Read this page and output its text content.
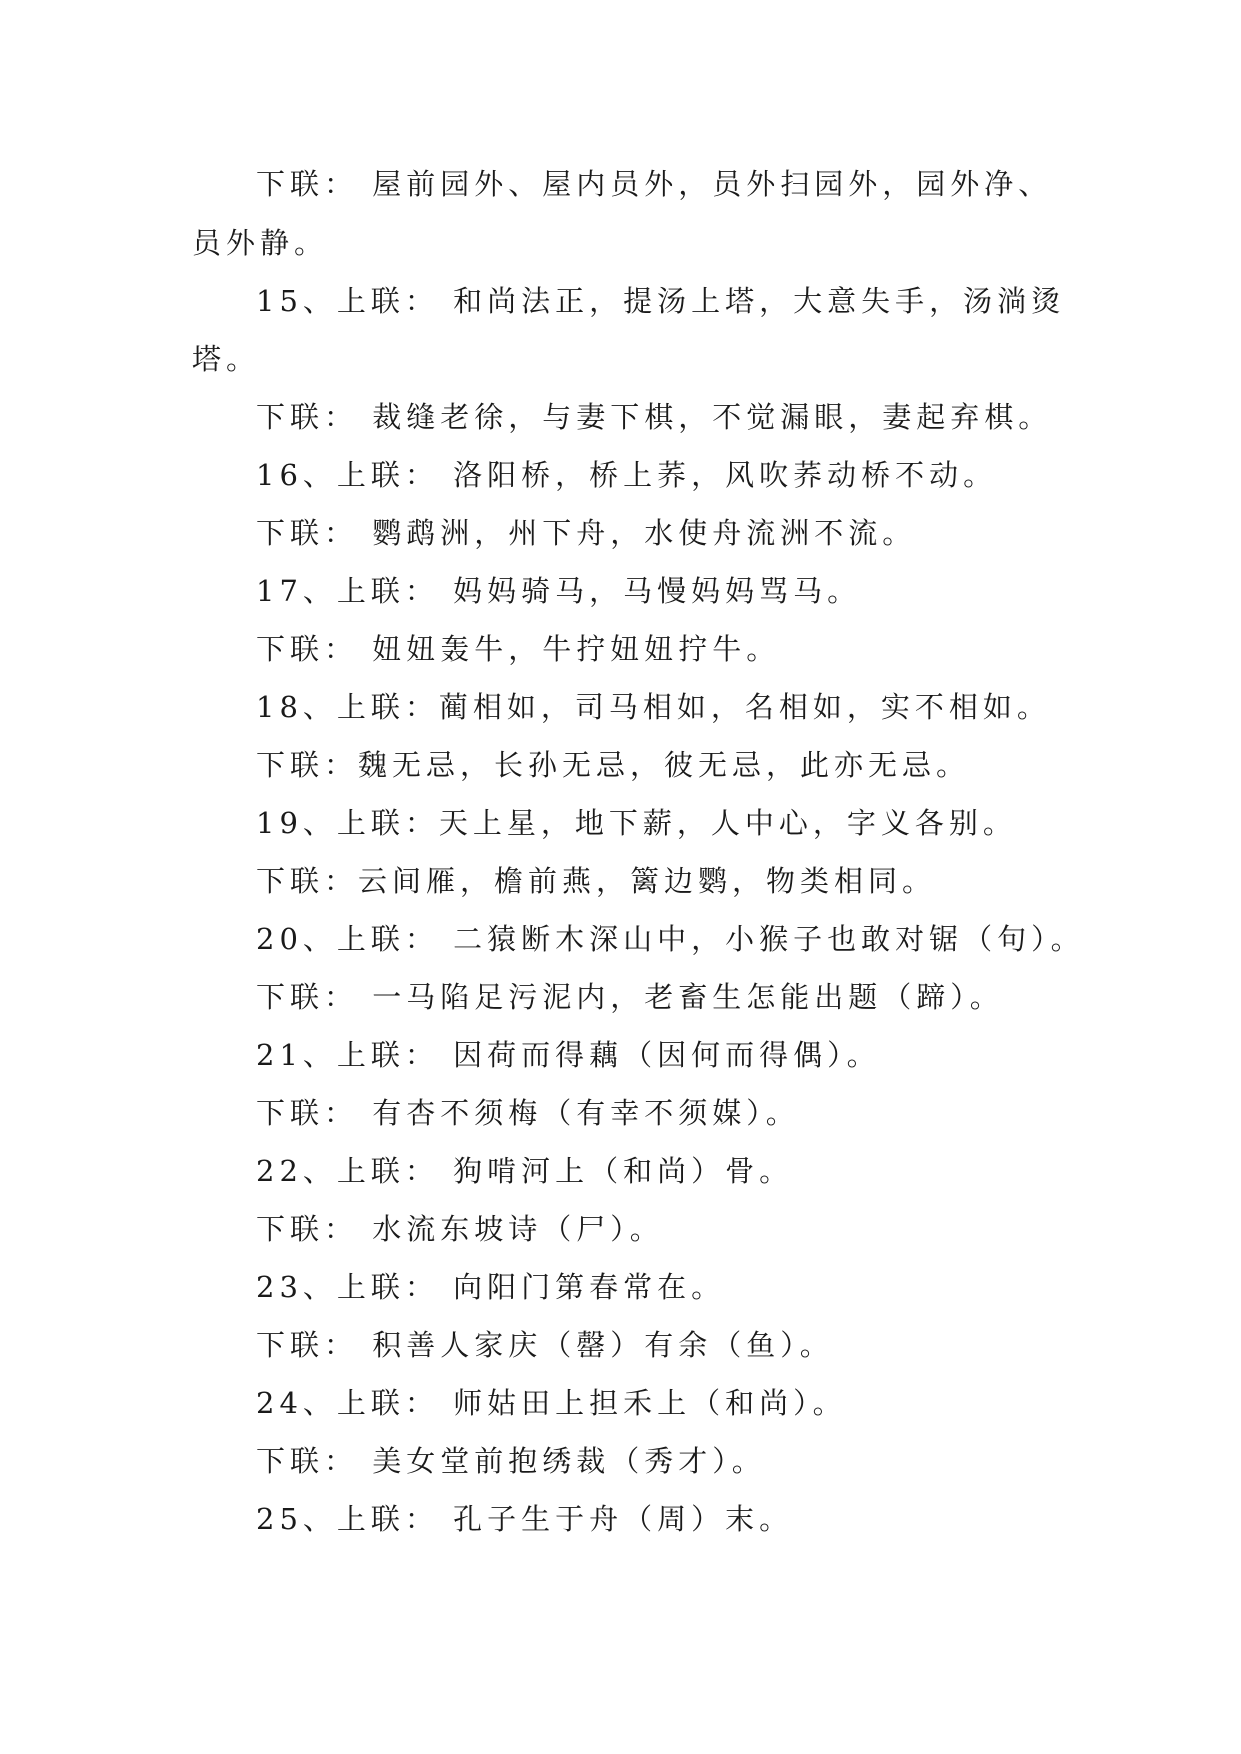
下联： 屋前园外、屋内员外，员外扫园外，园外净、
员外静。
15、上联： 和尚法正，提汤上塔，大意失手，汤淌烫
塔。
下联： 裁缝老徐，与妻下棋，不觉漏眼，妻起弃棋。
16、上联： 洛阳桥，桥上荞，风吹荞动桥不动。
下联： 鹦鹉洲，州下舟，水使舟流洲不流。
17、上联： 妈妈骑马，马慢妈妈骂马。
下联： 妞妞轰牛，牛拧妞妞拧牛。
18、上联：蔺相如，司马相如，名相如，实不相如。
下联：魏无忌，长孙无忌，彼无忌，此亦无忌。
19、上联：天上星，地下薪，人中心，字义各别。
下联：云间雁，檐前燕，篱边鹦，物类相同。
20、上联： 二猿断木深山中，小猴子也敢对锯（句）。
下联： 一马陷足污泥内，老畜生怎能出题（蹄）。
21、上联： 因荷而得藕（因何而得偶）。
下联： 有杏不须梅（有幸不须媒）。
22、上联： 狗啃河上（和尚）骨。
下联： 水流东坡诗（尸）。
23、上联： 向阳门第春常在。
下联： 积善人家庆（罄）有余（鱼）。
24、上联： 师姑田上担禾上（和尚）。
下联： 美女堂前抱绣裁（秀才）。
25、上联： 孔子生于舟（周）末。
